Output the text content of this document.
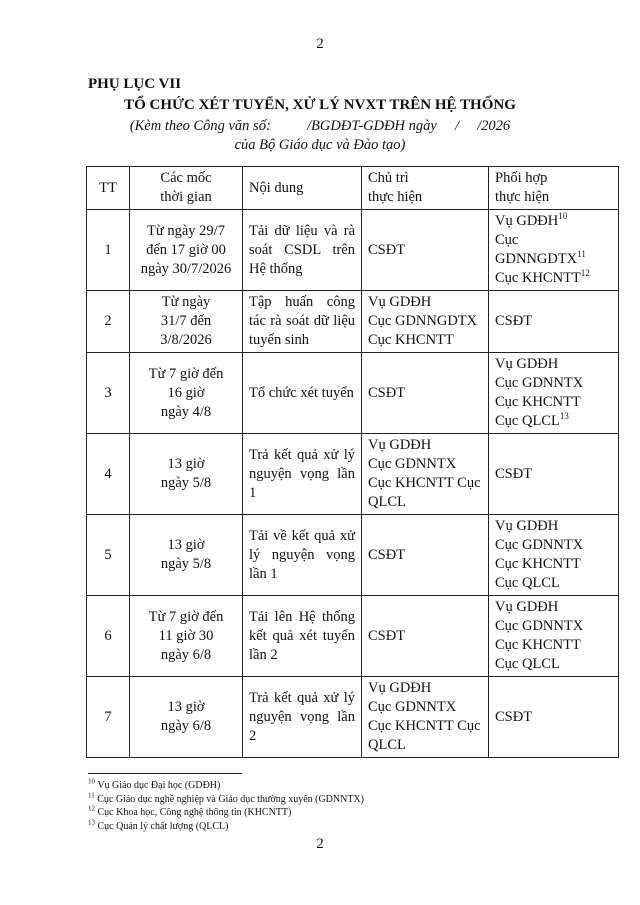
2
PHỤ LỤC VII
TỔ CHỨC XÉT TUYỂN, XỬ LÝ NVXT TRÊN HỆ THỐNG
(Kèm theo Công văn số:          /BGDĐT-GDĐH ngày     /     /2026
của Bộ Giáo dục và Đào tạo)
TT	Các mốc
thời gian	Nội dung	Chủ trì
thực hiện	Phối hợp
thực hiện
1	Từ ngày 29/7
đến 17 giờ 00
ngày 30/7/2026	Tải dữ liệu và rà soát CSDL trên Hệ thống	CSĐT	Vụ GDĐH$^{10}$
Cục GDNNGDTX$^{11}$
Cục KHCNTT$^{12}$
2	Từ ngày
31/7 đến
3/8/2026	Tập huấn công tác rà soát dữ liệu tuyển sinh	Vụ GDĐH
Cục GDNNGDTX
Cục KHCNTT	CSĐT
3	Từ 7 giờ đến
16 giờ
ngày 4/8	Tổ chức xét tuyển	CSĐT	Vụ GDĐH
Cục GDNNTX
Cục KHCNTT
Cục QLCL$^{13}$
4	13 giờ
ngày 5/8	Trả kết quả xử lý nguyện vọng lần 1	Vụ GDĐH
Cục GDNNTX
Cục KHCNTT Cục QLCL	CSĐT
5	13 giờ
ngày 5/8	Tải về kết quả xử lý nguyện vọng lần 1	CSĐT	Vụ GDĐH
Cục GDNNTX
Cục KHCNTT
Cục QLCL
6	Từ 7 giờ đến
11 giờ 30
ngày 6/8	Tải lên Hệ thống kết quả xét tuyển lần 2	CSĐT	Vụ GDĐH
Cục GDNNTX
Cục KHCNTT
Cục QLCL
7	13 giờ
ngày 6/8	Trả kết quả xử lý nguyện vọng lần 2	Vụ GDĐH
Cục GDNNTX
Cục KHCNTT Cục QLCL	CSĐT
$^{10}$ Vụ Giáo dục Đại học (GDĐH)
$^{11}$ Cục Giáo dục nghề nghiệp và Giáo dục thường xuyên (GDNNTX)
$^{12}$ Cục Khoa học, Công nghệ thông tin (KHCNTT)
$^{13}$ Cục Quản lý chất lượng (QLCL)
2
